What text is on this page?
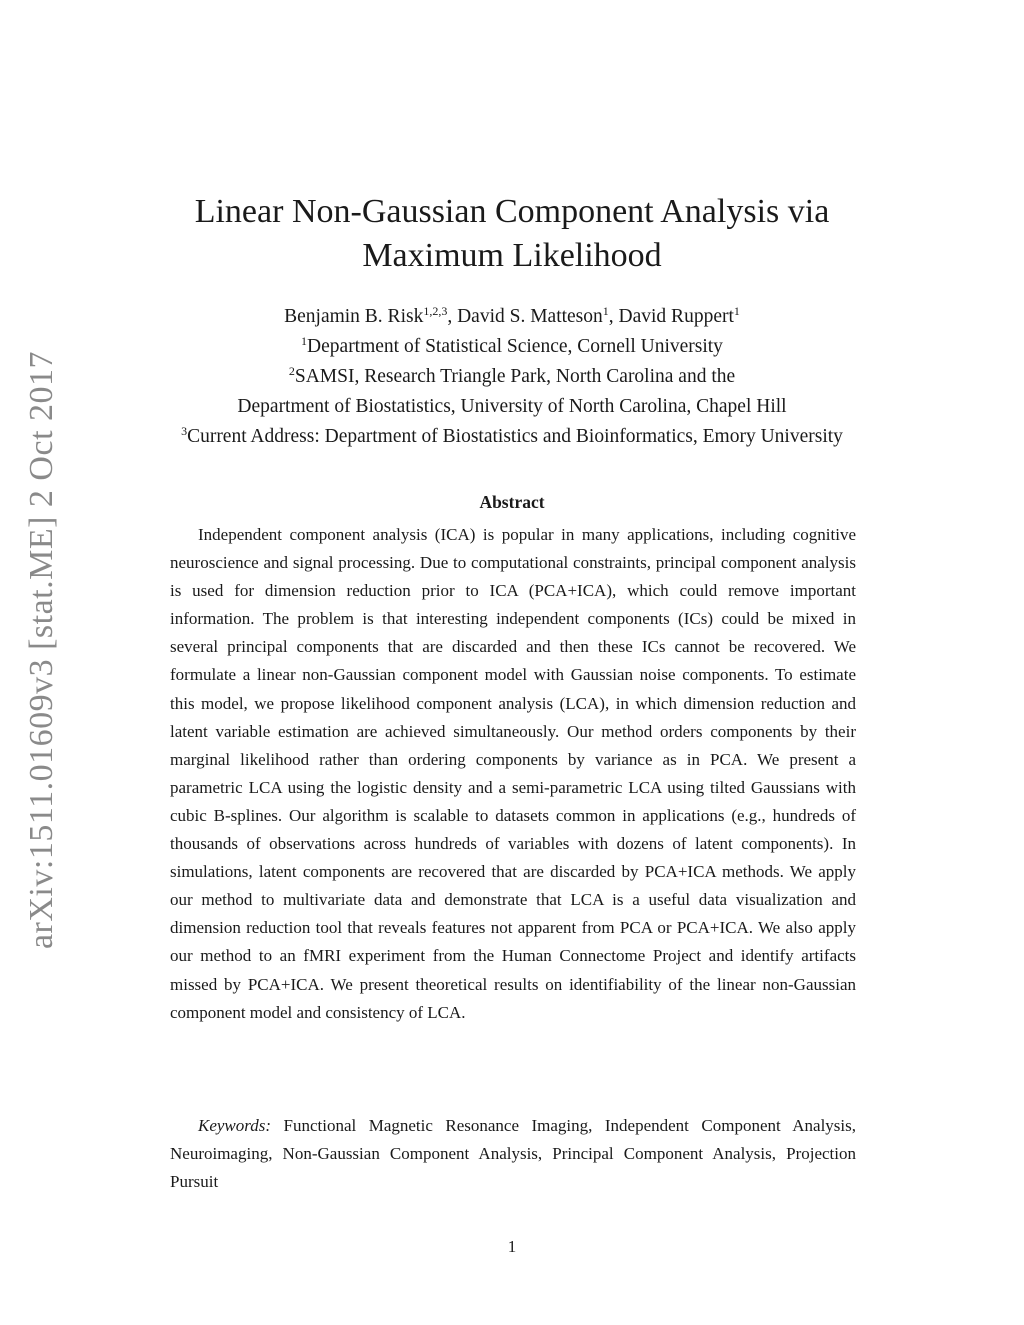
arXiv:1511.01609v3 [stat.ME] 2 Oct 2017
Linear Non-Gaussian Component Analysis via
Maximum Likelihood
Benjamin B. Risk$^{1,2,3}$, David S. Matteson$^1$, David Ruppert$^1$
$^1$Department of Statistical Science, Cornell University
$^2$SAMSI, Research Triangle Park, North Carolina and the
Department of Biostatistics, University of North Carolina, Chapel Hill
$^3$Current Address: Department of Biostatistics and Bioinformatics, Emory University
Abstract
Independent component analysis (ICA) is popular in many applications, including cognitive neuroscience and signal processing. Due to computational constraints, principal component analysis is used for dimension reduction prior to ICA (PCA+ICA), which could remove important information. The problem is that interesting independent components (ICs) could be mixed in several principal components that are discarded and then these ICs cannot be recovered. We formulate a linear non-Gaussian component model with Gaussian noise components. To estimate this model, we propose likelihood component analysis (LCA), in which dimension reduction and latent variable estimation are achieved simultaneously. Our method orders components by their marginal likelihood rather than ordering components by variance as in PCA. We present a parametric LCA using the logistic density and a semi-parametric LCA using tilted Gaussians with cubic B-splines. Our algorithm is scalable to datasets common in applications (e.g., hundreds of thousands of observations across hundreds of variables with dozens of latent components). In simulations, latent components are recovered that are discarded by PCA+ICA methods. We apply our method to multivariate data and demonstrate that LCA is a useful data visualization and dimension reduction tool that reveals features not apparent from PCA or PCA+ICA. We also apply our method to an fMRI experiment from the Human Connectome Project and identify artifacts missed by PCA+ICA. We present theoretical results on identifiability of the linear non-Gaussian component model and consistency of LCA.
Keywords: Functional Magnetic Resonance Imaging, Independent Component Analysis, Neuroimaging, Non-Gaussian Component Analysis, Principal Component Analysis, Projection Pursuit
1
